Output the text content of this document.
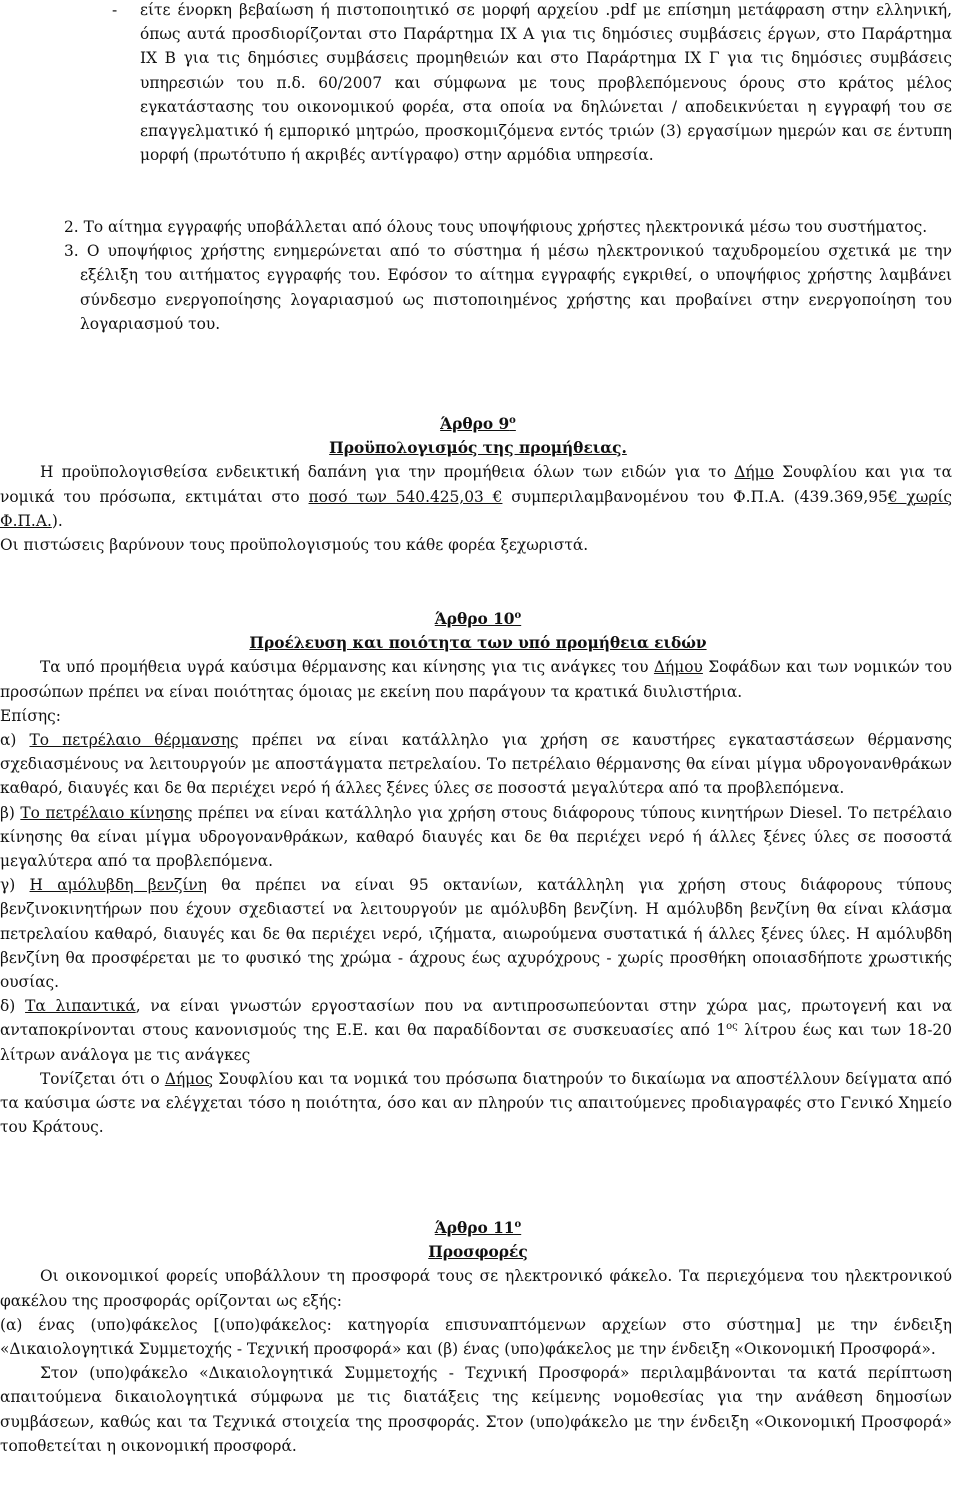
- είτε ένορκη βεβαίωση ή πιστοποιητικό σε μορφή αρχείου .pdf με επίσημη μετάφραση στην ελληνική, όπως αυτά προσδιορίζονται στο Παράρτημα ΙΧ Α για τις δημόσιες συμβάσεις έργων, στο Παράρτημα ΙΧ Β για τις δημόσιες συμβάσεις προμηθειών και στο Παράρτημα ΙΧ Γ για τις δημόσιες συμβάσεις υπηρεσιών του π.δ. 60/2007 και σύμφωνα με τους προβλεπόμενους όρους στο κράτος μέλος εγκατάστασης του οικονομικού φορέα, στα οποία να δηλώνεται / αποδεικνύεται η εγγραφή του σε επαγγελματικό ή εμπορικό μητρώο, προσκομιζόμενα εντός τριών (3) εργασίμων ημερών και σε έντυπη μορφή (πρωτότυπο ή ακριβές αντίγραφο) στην αρμόδια υπηρεσία.

2. Το αίτημα εγγραφής υποβάλλεται από όλους τους υποψήφιους χρήστες ηλεκτρονικά μέσω του συστήματος.

3. Ο υποψήφιος χρήστης ενημερώνεται από το σύστημα ή μέσω ηλεκτρονικού ταχυδρομείου σχετικά με την εξέλιξη του αιτήματος εγγραφής του. Εφόσον το αίτημα εγγραφής εγκριθεί, ο υποψήφιος χρήστης λαμβάνει σύνδεσμο ενεργοποίησης λογαριασμού ως πιστοποιημένος χρήστης και προβαίνει στην ενεργοποίηση του λογαριασμού του.

Άρθρο $9^o$

Προϋπολογισμός της προμήθειας.

Η προϋπολογισθείσα ενδεικτική δαπάνη για την προμήθεια όλων των ειδών για το Δήμο Σουφλίου και για τα νομικά του πρόσωπα, εκτιμάται στο ποσό των 540.425,03 € συμπεριλαμβανομένου του Φ.Π.Α. (439.369,95€ χωρίς Φ.Π.Α.).

Οι πιστώσεις βαρύνουν τους προϋπολογισμούς του κάθε φορέα ξεχωριστά.

Άρθρο $10^o$

Προέλευση και ποιότητα των υπό προμήθεια ειδών

Τα υπό προμήθεια υγρά καύσιμα θέρμανσης και κίνησης για τις ανάγκες του Δήμου Σοφάδων και των νομικών του προσώπων πρέπει να είναι ποιότητας όμοιας με εκείνη που παράγουν τα κρατικά διυλιστήρια.

Επίσης:

α) Το πετρέλαιο θέρμανσης πρέπει να είναι κατάλληλο για χρήση σε καυστήρες εγκαταστάσεων θέρμανσης σχεδιασμένους να λειτουργούν με αποστάγματα πετρελαίου. Το πετρέλαιο θέρμανσης θα είναι μίγμα υδρογονανθράκων καθαρό, διαυγές και δε θα περιέχει νερό ή άλλες ξένες ύλες σε ποσοστά μεγαλύτερα από τα προβλεπόμενα.

β) Το πετρέλαιο κίνησης πρέπει να είναι κατάλληλο για χρήση στους διάφορους τύπους κινητήρων Diesel. Το πετρέλαιο κίνησης θα είναι μίγμα υδρογονανθράκων, καθαρό διαυγές και δε θα περιέχει νερό ή άλλες ξένες ύλες σε ποσοστά μεγαλύτερα από τα προβλεπόμενα.

γ) Η αμόλυβδη βενζίνη θα πρέπει να είναι 95 οκτανίων, κατάλληλη για χρήση στους διάφορους τύπους βενζινοκινητήρων που έχουν σχεδιαστεί να λειτουργούν με αμόλυβδη βενζίνη. Η αμόλυβδη βενζίνη θα είναι κλάσμα πετρελαίου καθαρό, διαυγές και δε θα περιέχει νερό, ιζήματα, αιωρούμενα συστατικά ή άλλες ξένες ύλες. Η αμόλυβδη βενζίνη θα προσφέρεται με το φυσικό της χρώμα - άχρους έως αχυρόχρους - χωρίς προσθήκη οποιασδήποτε χρωστικής ουσίας.

δ) Τα λιπαντικά, να είναι γνωστών εργοστασίων που να αντιπροσωπεύονται στην χώρα μας, πρωτογενή και να ανταποκρίνονται στους κανονισμούς της Ε.Ε. και θα παραδίδονται σε συσκευασίες από $1^{o\varsigma}$ λίτρου έως και των 18-20 λίτρων ανάλογα με τις ανάγκες

Τονίζεται ότι ο Δήμος Σουφλίου και τα νομικά του πρόσωπα διατηρούν το δικαίωμα να αποστέλλουν δείγματα από τα καύσιμα ώστε να ελέγχεται τόσο η ποιότητα, όσο και αν πληρούν τις απαιτούμενες προδιαγραφές στο Γενικό Χημείο του Κράτους.

Άρθρο $11^o$

Προσφορές

Οι οικονομικοί φορείς υποβάλλουν τη προσφορά τους σε ηλεκτρονικό φάκελο. Τα περιεχόμενα του ηλεκτρονικού φακέλου της προσφοράς ορίζονται ως εξής:

(α) ένας (υπο)φάκελος [(υπο)φάκελος: κατηγορία επισυναπτόμενων αρχείων στο σύστημα] με την ένδειξη «Δικαιολογητικά Συμμετοχής - Τεχνική προσφορά» και (β) ένας (υπο)φάκελος με την ένδειξη «Οικονομική Προσφορά».

Στον (υπο)φάκελο «Δικαιολογητικά Συμμετοχής - Τεχνική Προσφορά» περιλαμβάνονται τα κατά περίπτωση απαιτούμενα δικαιολογητικά σύμφωνα με τις διατάξεις της κείμενης νομοθεσίας για την ανάθεση δημοσίων συμβάσεων, καθώς και τα Τεχνικά στοιχεία της προσφοράς. Στον (υπο)φάκελο με την ένδειξη «Οικονομική Προσφορά» τοποθετείται η οικονομική προσφορά.
